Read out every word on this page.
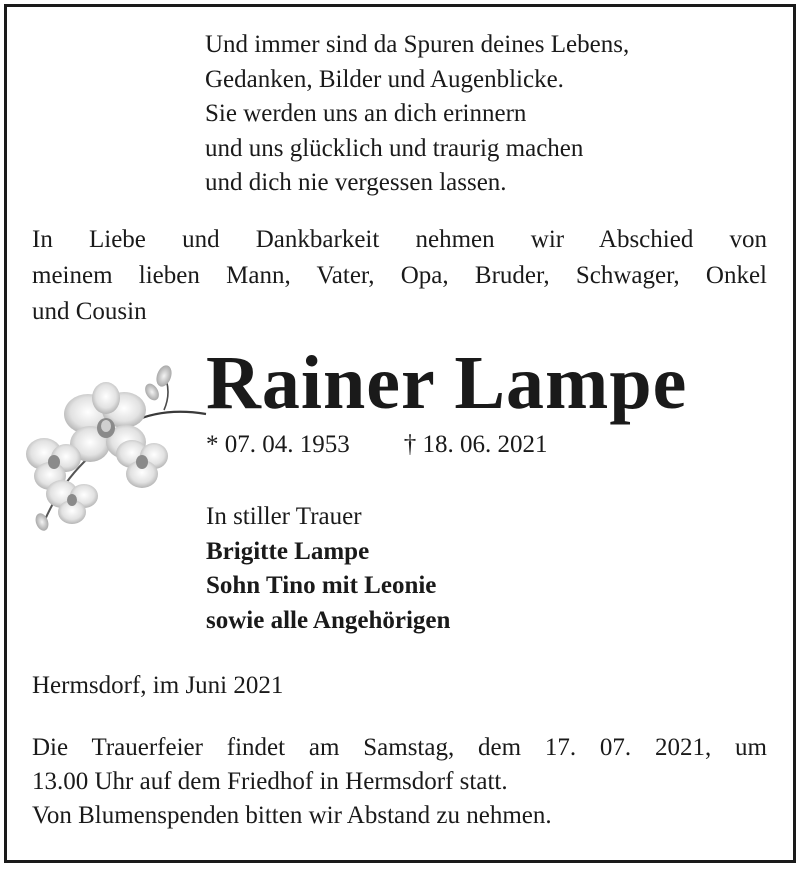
Und immer sind da Spuren deines Lebens,
Gedanken, Bilder und Augenblicke.
Sie werden uns an dich erinnern
und uns glücklich und traurig machen
und dich nie vergessen lassen.
In Liebe und Dankbarkeit nehmen wir Abschied von
meinem lieben Mann, Vater, Opa, Bruder, Schwager, Onkel
und Cousin
Rainer Lampe
* 07. 04. 1953 † 18. 06. 2021
In stiller Trauer
Brigitte Lampe
Sohn Tino mit Leonie
sowie alle Angehörigen
Hermsdorf, im Juni 2021
Die Trauerfeier findet am Samstag, dem 17. 07. 2021, um
13.00 Uhr auf dem Friedhof in Hermsdorf statt.
Von Blumenspenden bitten wir Abstand zu nehmen.
